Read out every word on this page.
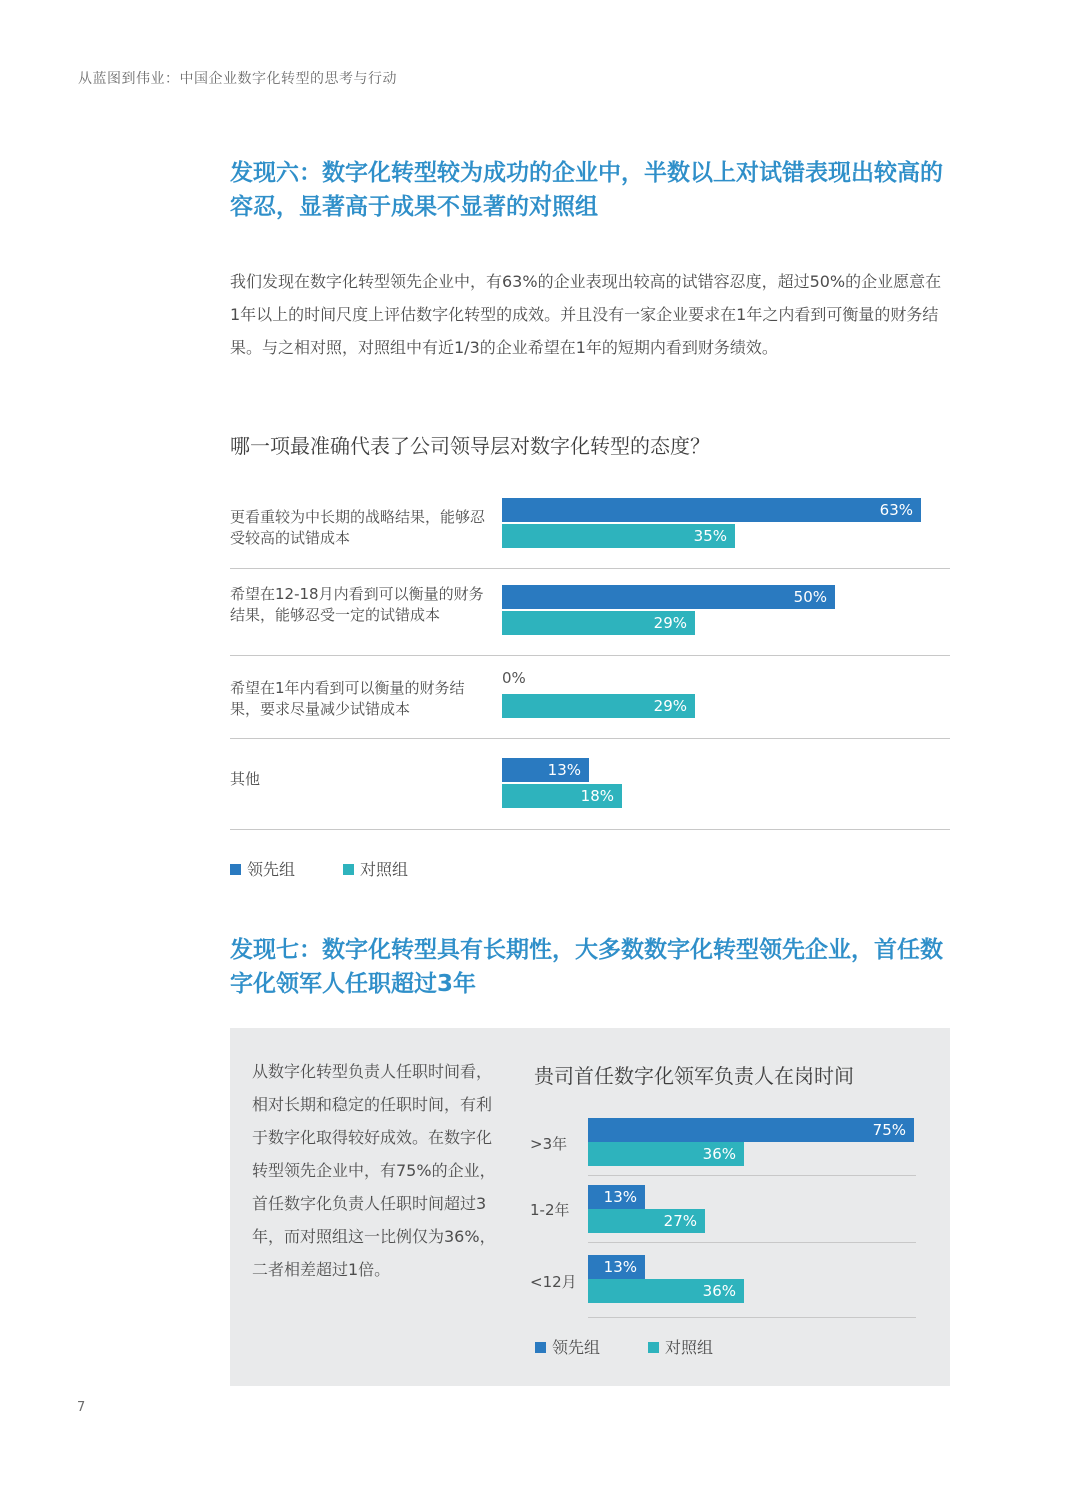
从蓝图到伟业：中国企业数字化转型的思考与行动
发现六：数字化转型较为成功的企业中，半数以上对试错表现出较高的容忍，显著高于成果不显著的对照组
我们发现在数字化转型领先企业中，有63%的企业表现出较高的试错容忍度，超过50%的企业愿意在1年以上的时间尺度上评估数字化转型的成效。并且没有一家企业要求在1年之内看到可衡量的财务结果。与之相对照，对照组中有近1/3的企业希望在1年的短期内看到财务绩效。
哪一项最准确代表了公司领导层对数字化转型的态度？
更看重较为中长期的战略结果，能够忍受较高的试错成本
63%
35%
希望在12-18月内看到可以衡量的财务结果，能够忍受一定的试错成本
50%
29%
希望在1年内看到可以衡量的财务结果，要求尽量减少试错成本
0%
29%
其他	13%
18%
领先组	对照组
发现七：数字化转型具有长期性，大多数数字化转型领先企业，首任数字化领军人任职超过3年
从数字化转型负责人任职时间看，相对长期和稳定的任职时间，有利于数字化取得较好成效。在数字化转型领先企业中，有75%的企业，首任数字化负责人任职时间超过3年，而对照组这一比例仅为36%，二者相差超过1倍。
贵司首任数字化领军负责人在岗时间
>3年
75%
36%
1-2年
13%
27%
<12月
13%
36%
领先组	对照组
7
